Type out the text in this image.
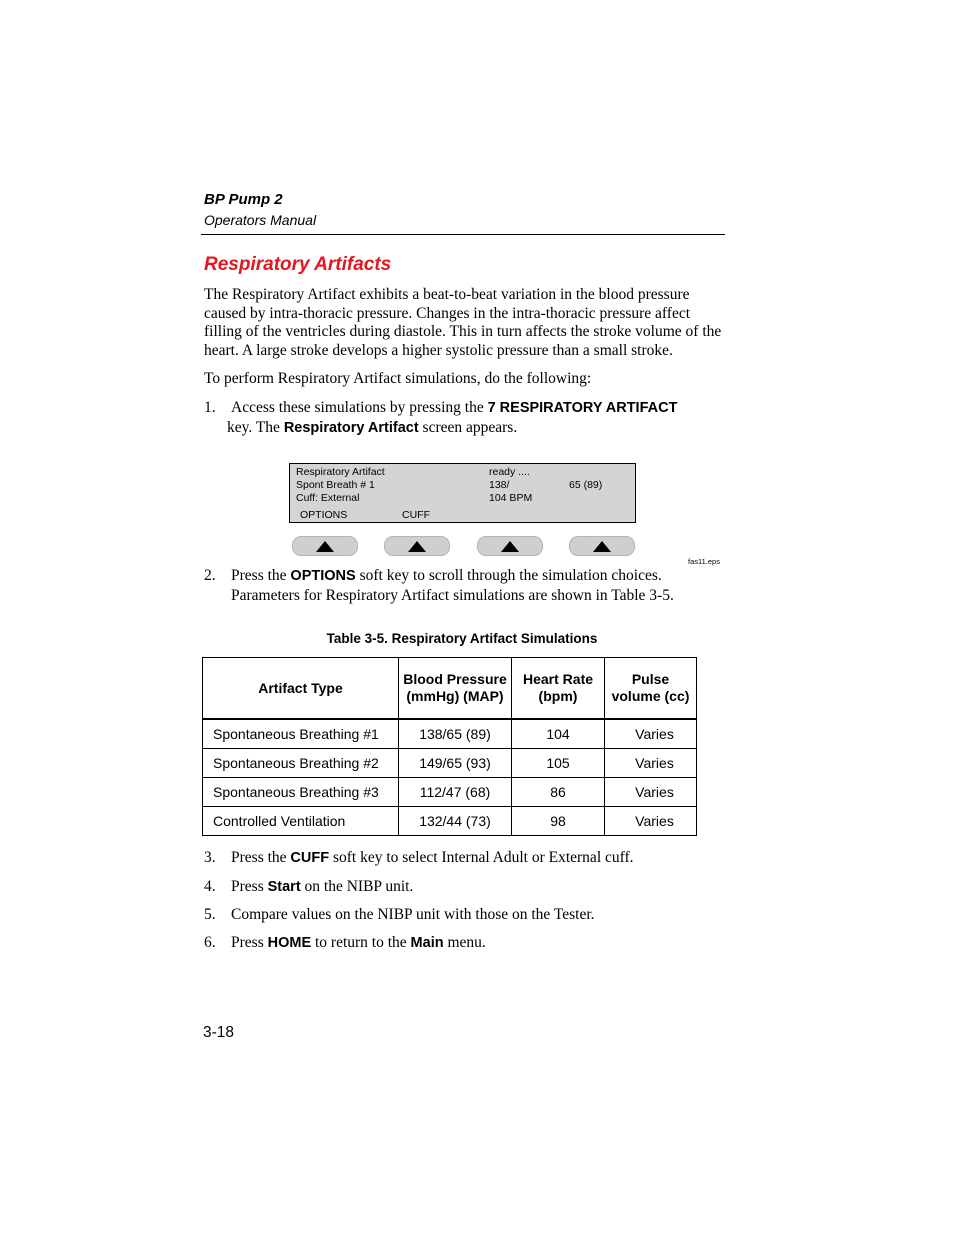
BP Pump 2
Operators Manual
Respiratory Artifacts
The Respiratory Artifact exhibits a beat-to-beat variation in the blood pressure caused by intra-thoracic pressure. Changes in the intra-thoracic pressure affect filling of the ventricles during diastole. This in turn affects the stroke volume of the heart. A large stroke develops a higher systolic pressure than a small stroke.
To perform Respiratory Artifact simulations, do the following:
1. Access these simulations by pressing the 7 RESPIRATORY ARTIFACT
key. The Respiratory Artifact screen appears.
Respiratory Artifact	ready ....
Spont Breath # 1	138/	65 (89)
Cuff: External	104 BPM
OPTIONS	CUFF
fas11.eps
2. Press the OPTIONS soft key to scroll through the simulation choices. Parameters for Respiratory Artifact simulations are shown in Table 3-5.
Table 3-5. Respiratory Artifact Simulations
Artifact Type	Blood Pressure (mmHg) (MAP)	Heart Rate (bpm)	Pulse volume (cc)
Spontaneous Breathing #1	138/65 (89)	104	Varies
Spontaneous Breathing #2	149/65 (93)	105	Varies
Spontaneous Breathing #3	112/47 (68)	86	Varies
Controlled Ventilation	132/44 (73)	98	Varies
3. Press the CUFF soft key to select Internal Adult or External cuff.
4. Press Start on the NIBP unit.
5. Compare values on the NIBP unit with those on the Tester.
6. Press HOME to return to the Main menu.
3-18
